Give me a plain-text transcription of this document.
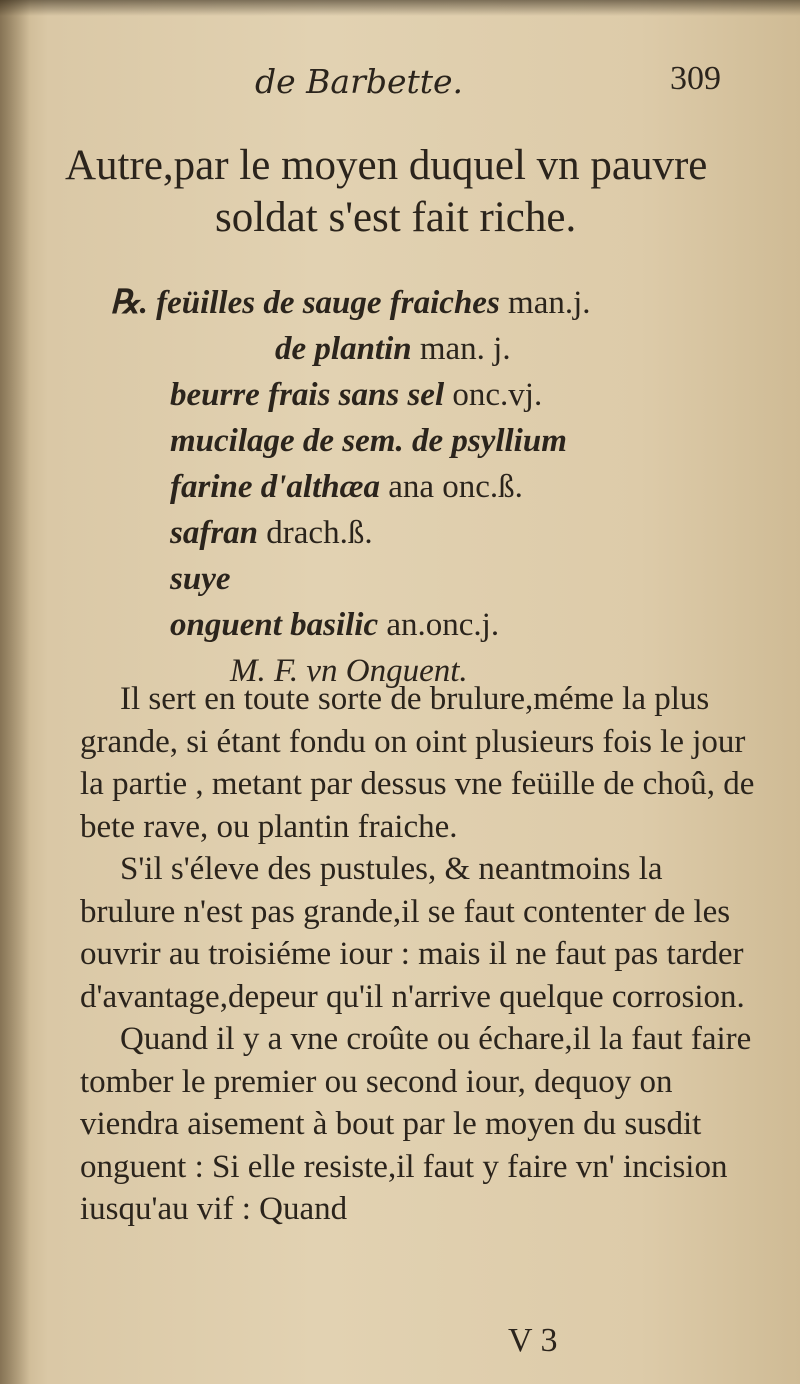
de Barbette.	309
Autre,par le moyen duquel vn pauvre
soldat s'est fait riche.
℞. feüilles de sauge fraiches man.j.
de plantin man. j.
beurre frais sans sel onc.vj.
mucilage de sem. de psyllium
farine d'althæa ana onc.ß.
safran drach.ß.
suye
onguent basilic an.onc.j.
M. F. vn Onguent.

Il sert en toute sorte de brulure,méme la plus grande, si étant fondu on oint plusieurs fois le jour la partie , metant par dessus vne feüille de choû, de bete rave, ou plantin fraiche.

S'il s'éleve des pustules, & neantmoins la brulure n'est pas grande,il se faut contenter de les ouvrir au troisiéme iour : mais il ne faut pas tarder d'avantage,depeur qu'il n'arrive quelque corrosion.

Quand il y a vne croûte ou échare,il la faut faire tomber le premier ou second iour, dequoy on viendra aisement à bout par le moyen du susdit onguent : Si elle resiste,il faut y faire vn' incision iusqu'au vif : Quand

V 3
